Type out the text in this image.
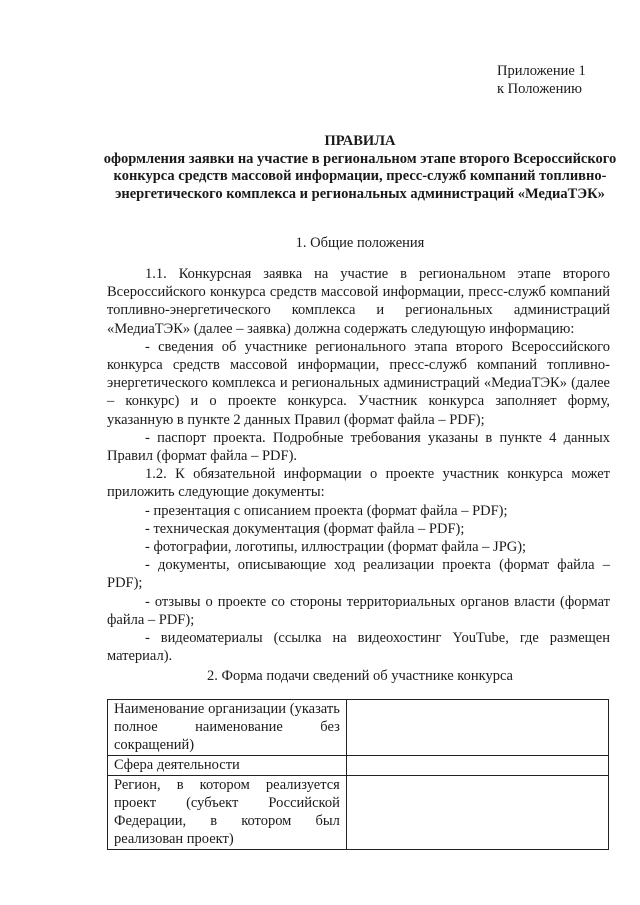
Приложение 1
к Положению
ПРАВИЛА
оформления заявки на участие в региональном этапе второго Всероссийского конкурса средств массовой информации, пресс-служб компаний топливно-энергетического комплекса и региональных администраций «МедиаТЭК»
1. Общие положения

1.1. Конкурсная заявка на участие в региональном этапе второго Всероссийского конкурса средств массовой информации, пресс-служб компаний топливно-энергетического комплекса и региональных администраций «МедиаТЭК» (далее – заявка) должна содержать следующую информацию:

- сведения об участнике регионального этапа второго Всероссийского конкурса средств массовой информации, пресс-служб компаний топливно-энергетического комплекса и региональных администраций «МедиаТЭК» (далее – конкурс) и о проекте конкурса. Участник конкурса заполняет форму, указанную в пункте 2 данных Правил (формат файла – PDF);

- паспорт проекта. Подробные требования указаны в пункте 4 данных Правил (формат файла – PDF).

1.2. К обязательной информации о проекте участник конкурса может приложить следующие документы:

- презентация с описанием проекта (формат файла – PDF);

- техническая документация (формат файла – PDF);

- фотографии, логотипы, иллюстрации (формат файла – JPG);

- документы, описывающие ход реализации проекта (формат файла – PDF);

- отзывы о проекте со стороны территориальных органов власти (формат файла – PDF);

- видеоматериалы (ссылка на видеохостинг YouTube, где размещен материал).

2. Форма подачи сведений об участнике конкурса
Наименование организации (указать полное наименование без сокращений)	
Сфера деятельности	
Регион, в котором реализуется проект (субъект Российской Федерации, в котором был реализован проект)	
